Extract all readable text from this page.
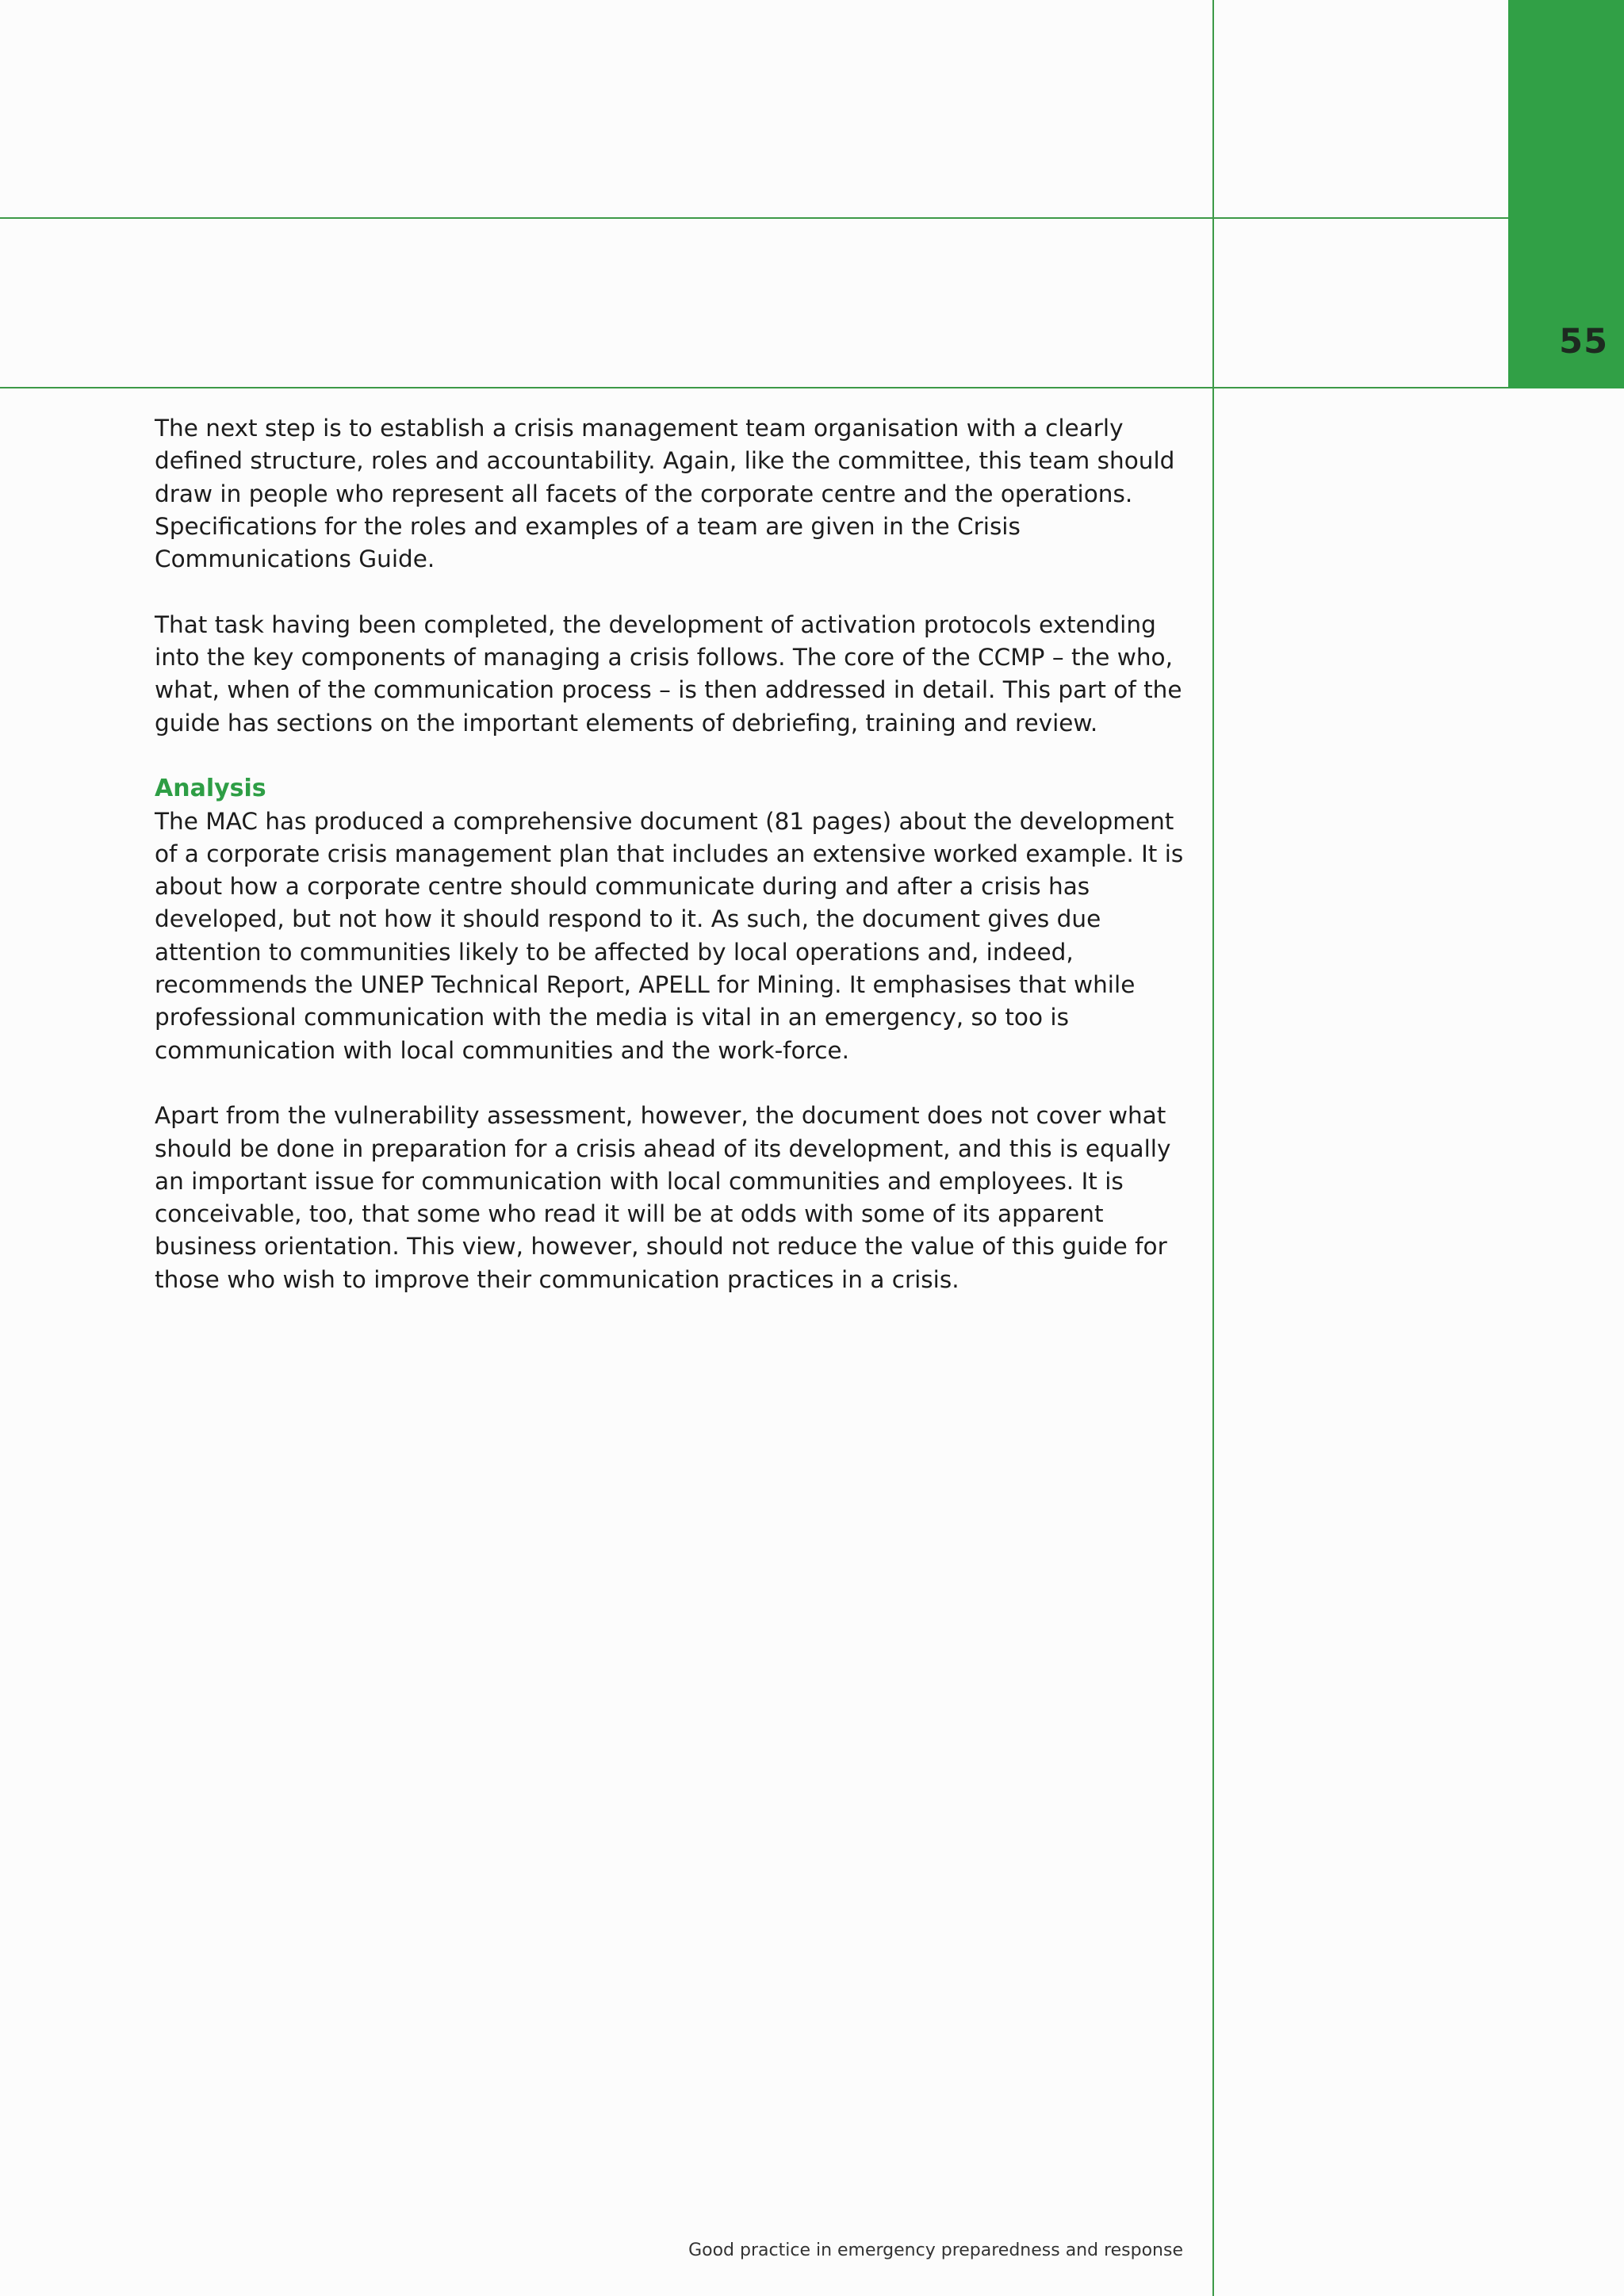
55

The next step is to establish a crisis management team organisation with a clearly defined structure, roles and accountability. Again, like the committee, this team should draw in people who represent all facets of the corporate centre and the operations. Specifications for the roles and examples of a team are given in the Crisis Communications Guide.

That task having been completed, the development of activation protocols extending into the key components of managing a crisis follows. The core of the CCMP – the who, what, when of the communication process – is then addressed in detail. This part of the guide has sections on the important elements of debriefing, training and review.

Analysis

The MAC has produced a comprehensive document (81 pages) about the development of a corporate crisis management plan that includes an extensive worked example. It is about how a corporate centre should communicate during and after a crisis has developed, but not how it should respond to it. As such, the document gives due attention to communities likely to be affected by local operations and, indeed, recommends the UNEP Technical Report, APELL for Mining. It emphasises that while professional communication with the media is vital in an emergency, so too is communication with local communities and the work-force.

Apart from the vulnerability assessment, however, the document does not cover what should be done in preparation for a crisis ahead of its development, and this is equally an important issue for communication with local communities and employees. It is conceivable, too, that some who read it will be at odds with some of its apparent business orientation. This view, however, should not reduce the value of this guide for those who wish to improve their communication practices in a crisis.

Good practice in emergency preparedness and response
